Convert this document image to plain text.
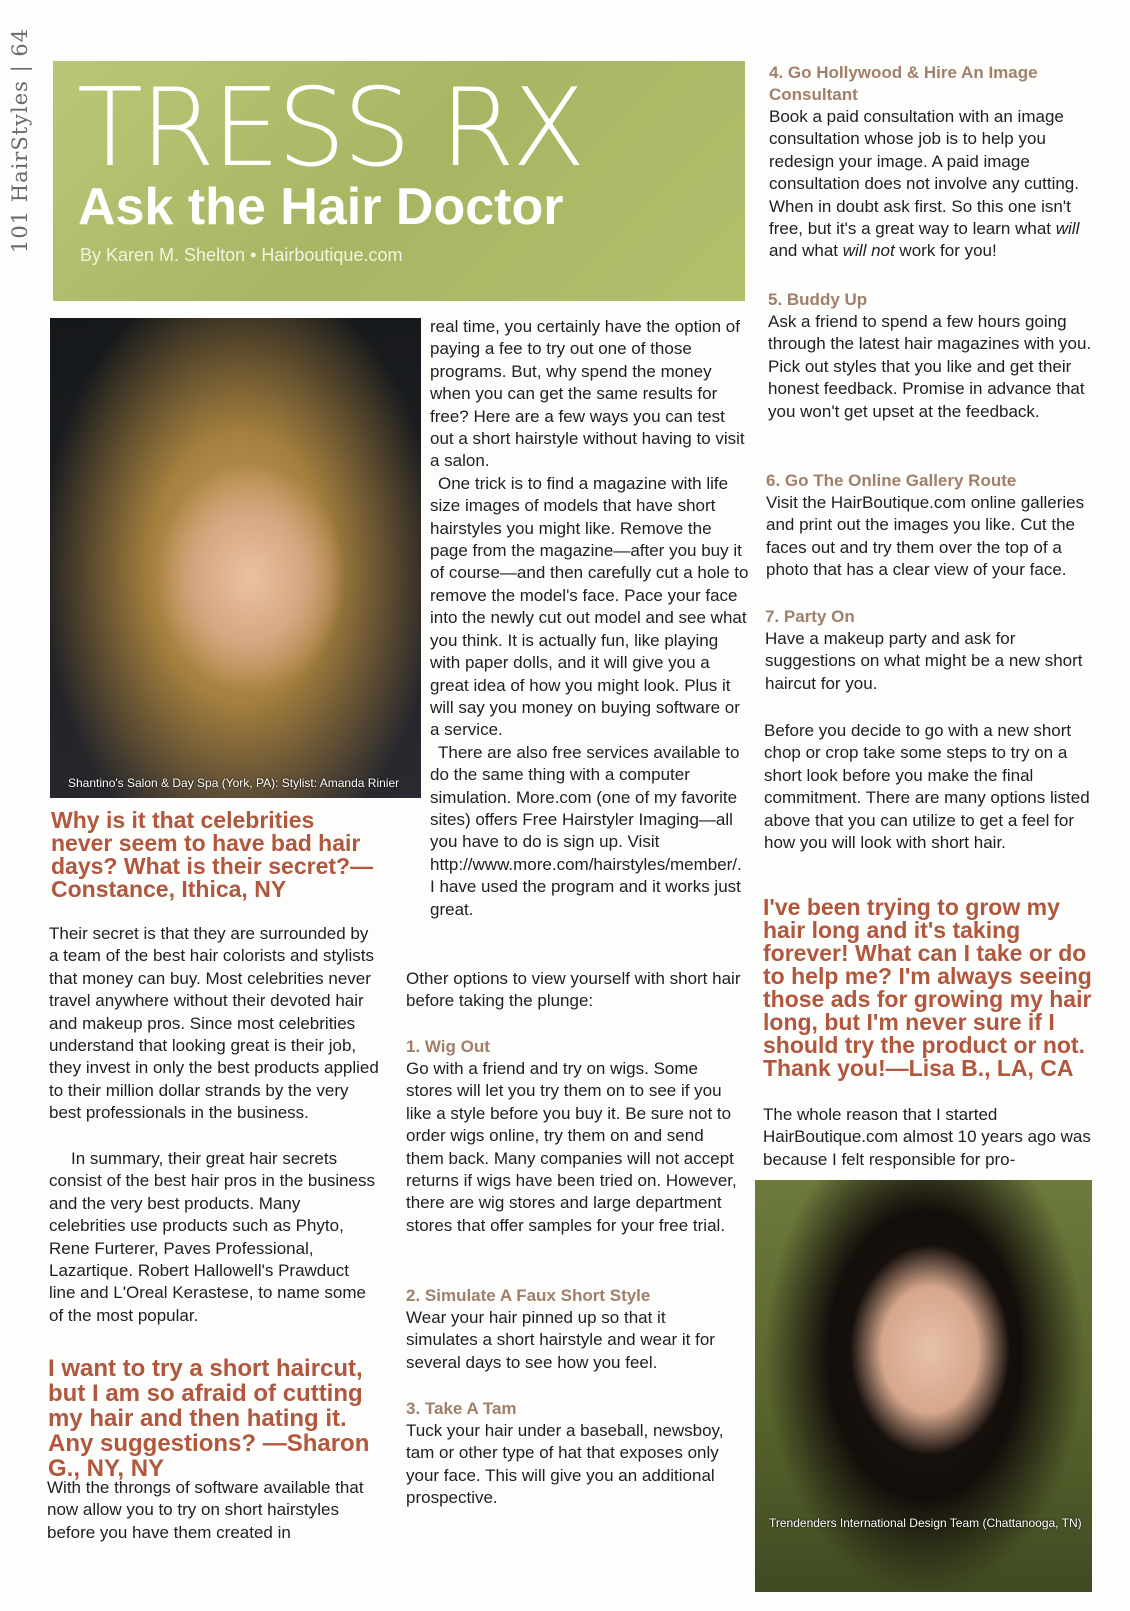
101 HairStyles | 64 TRESS RX
Ask the Hair Doctor
By Karen M. Shelton • Hairboutique.com
Shantino's Salon & Day Spa (York, PA): Stylist: Amanda Rinier
Why is it that celebrities never seem to have bad hair days? What is their secret?—Constance, Ithica, NY

Their secret is that they are surrounded by a team of the best hair colorists and stylists that money can buy. Most celebrities never travel anywhere without their devoted hair and makeup pros. Since most celebrities understand that looking great is their job, they invest in only the best products applied to their million dollar strands by the very best professionals in the business.

In summary, their great hair secrets consist of the best hair pros in the business and the very best products. Many celebrities use products such as Phyto, Rene Furterer, Paves Professional, Lazartique. Robert Hallowell's Prawduct line and L'Oreal Kerastese, to name some of the most popular.

I want to try a short haircut, but I am so afraid of cutting my hair and then hating it. Any suggestions? —Sharon G., NY, NY

With the throngs of software available that now allow you to try on short hairstyles before you have them created in

real time, you certainly have the option of paying a fee to try out one of those programs. But, why spend the money when you can get the same results for free? Here are a few ways you can test out a short hairstyle without having to visit a salon.

One trick is to find a magazine with life size images of models that have short hairstyles you might like. Remove the page from the magazine—after you buy it of course—and then carefully cut a hole to remove the model's face. Pace your face into the newly cut out model and see what you think. It is actually fun, like playing with paper dolls, and it will give you a great idea of how you might look. Plus it will say you money on buying software or a service.

There are also free services available to do the same thing with a computer simulation. More.com (one of my favorite sites) offers Free Hairstyler Imaging—all you have to do is sign up. Visit http://www.more.com/hairstyles/member/. I have used the program and it works just great.

Other options to view yourself with short hair before taking the plunge:
1. Wig Out

Go with a friend and try on wigs. Some stores will let you try them on to see if you like a style before you buy it. Be sure not to order wigs online, try them on and send them back. Many companies will not accept returns if wigs have been tried on. However, there are wig stores and large department stores that offer samples for your free trial.

2. Simulate A Faux Short Style

Wear your hair pinned up so that it simulates a short hairstyle and wear it for several days to see how you feel.

3. Take A Tam

Tuck your hair under a baseball, newsboy, tam or other type of hat that exposes only your face. This will give you an additional prospective.

4. Go Hollywood & Hire An Image Consultant

Book a paid consultation with an image consultation whose job is to help you redesign your image. A paid image consultation does not involve any cutting. When in doubt ask first. So this one isn't free, but it's a great way to learn what will and what will not work for you!

5. Buddy Up

Ask a friend to spend a few hours going through the latest hair magazines with you. Pick out styles that you like and get their honest feedback. Promise in advance that you won't get upset at the feedback.

6. Go The Online Gallery Route

Visit the HairBoutique.com online galleries and print out the images you like. Cut the faces out and try them over the top of a photo that has a clear view of your face.

7. Party On

Have a makeup party and ask for suggestions on what might be a new short haircut for you.

Before you decide to go with a new short chop or crop take some steps to try on a short look before you make the final commitment. There are many options listed above that you can utilize to get a feel for how you will look with short hair.
I've been trying to grow my hair long and it's taking forever! What can I take or do to help me? I'm always seeing those ads for growing my hair long, but I'm never sure if I should try the product or not. Thank you!—Lisa B., LA, CA

The whole reason that I started HairBoutique.com almost 10 years ago was because I felt responsible for pro-

Trendenders International Design Team (Chattanooga, TN)
